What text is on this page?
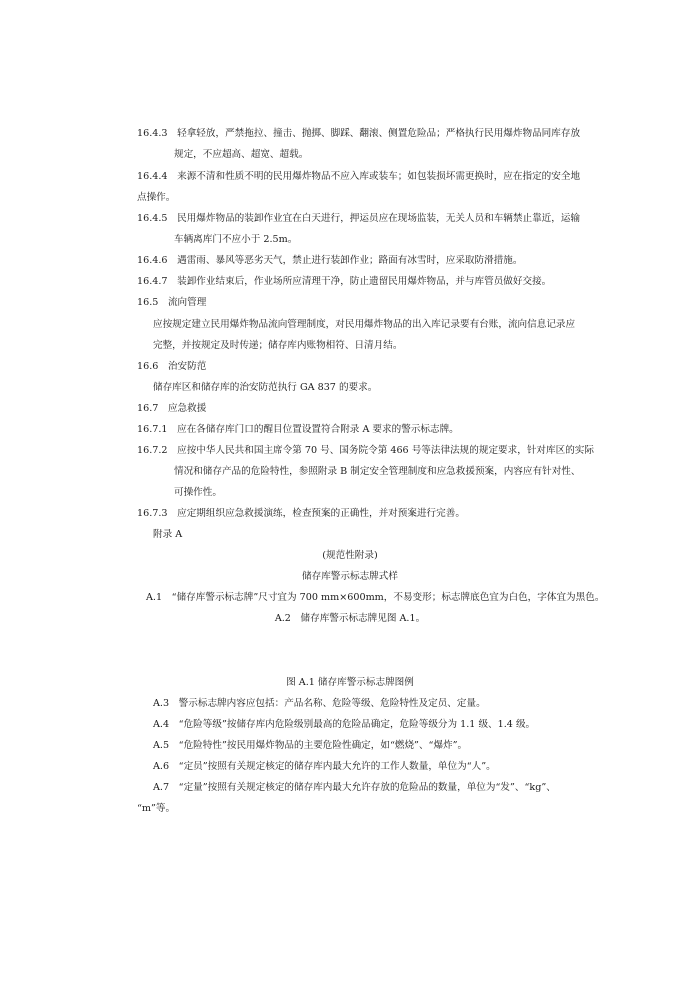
16.4.3　轻拿轻放，严禁拖拉、撞击、抛掷、脚踩、翻滚、侧置危险品；严格执行民用爆炸物品同库存放
规定，不应超高、超宽、超载。
16.4.4　来源不清和性质不明的民用爆炸物品不应入库或装车；如包装损坏需更换时，应在指定的安全地
点操作。
16.4.5　民用爆炸物品的装卸作业宜在白天进行，押运员应在现场监装，无关人员和车辆禁止靠近，运输
车辆离库门不应小于 2.5m。
16.4.6　遇雷雨、暴风等恶劣天气，禁止进行装卸作业；路面有冰雪时，应采取防滑措施。
16.4.7　装卸作业结束后，作业场所应清理干净，防止遗留民用爆炸物品，并与库管员做好交接。
16.5　流向管理
应按规定建立民用爆炸物品流向管理制度，对民用爆炸物品的出入库记录要有台账，流向信息记录应
完整，并按规定及时传递；储存库内账物相符、日清月结。
16.6　治安防范
储存库区和储存库的治安防范执行 GA 837 的要求。
16.7　应急救援
16.7.1　应在各储存库门口的醒目位置设置符合附录 A 要求的警示标志牌。
16.7.2　应按中华人民共和国主席令第 70 号、国务院令第 466 号等法律法规的规定要求，针对库区的实际
情况和储存产品的危险特性，参照附录 B 制定安全管理制度和应急救援预案，内容应有针对性、
可操作性。
16.7.3　应定期组织应急救援演练，检查预案的正确性，并对预案进行完善。
附录 A
(规范性附录)
储存库警示标志牌式样
A.1　“储存库警示标志牌”尺寸宜为 700 mm×600mm，不易变形；标志牌底色宜为白色，字体宜为黑色。
A.2　储存库警示标志牌见图 A.1。
图 A.1 储存库警示标志牌图例
A.3　警示标志牌内容应包括：产品名称、危险等级、危险特性及定员、定量。
A.4　“危险等级”按储存库内危险级别最高的危险品确定，危险等级分为 1.1 级、1.4 级。
A.5　“危险特性”按民用爆炸物品的主要危险性确定，如“燃烧”、“爆炸”。
A.6　“定员”按照有关规定核定的储存库内最大允许的工作人数量，单位为“人”。
A.7　“定量”按照有关规定核定的储存库内最大允许存放的危险品的数量，单位为“发”、“kg”、
“m”等。
